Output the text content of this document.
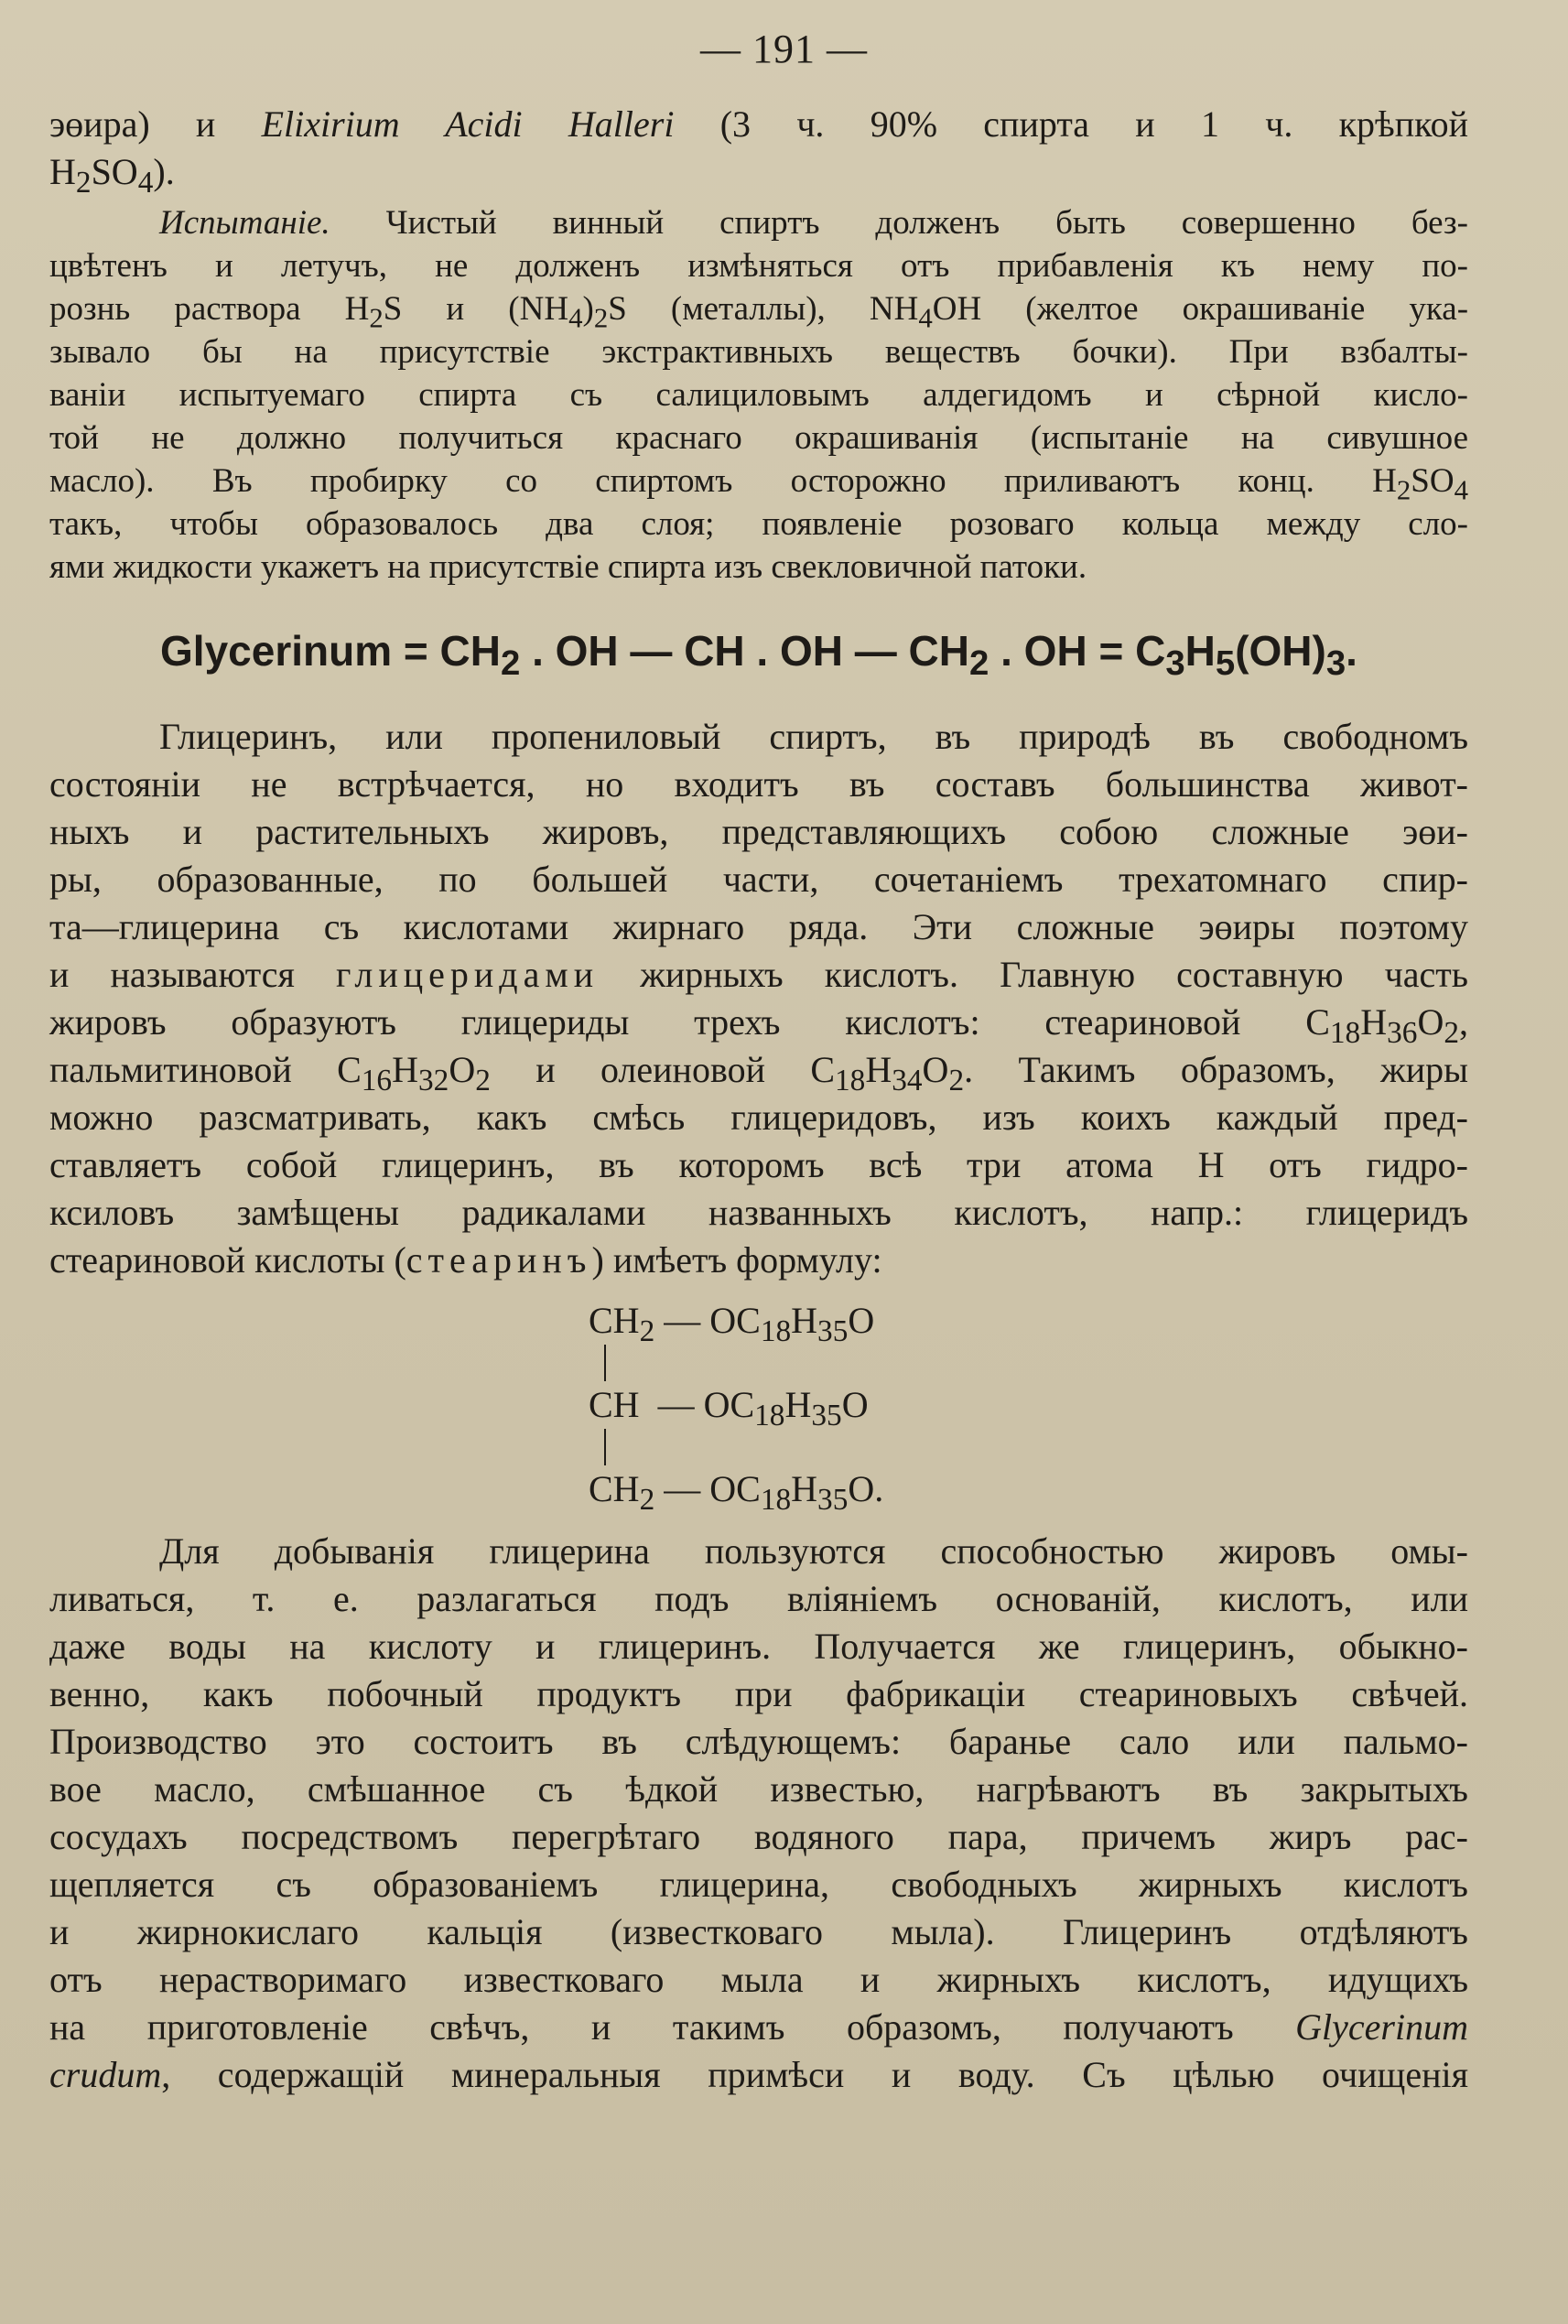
— 191 —
эөира) и Elixirium Acidi Halleri (3 ч. 90% спирта и 1 ч. крѣпкой
$H_2SO_4$).
Испытаніе. Чистый винный спиртъ долженъ быть совершенно без-
цвѣтенъ и летучъ, не долженъ измѣняться отъ прибавленія къ нему по-
рознь раствора $H_2S$ и $(NH_4)_2S$ (металлы), $NH_4OH$ (желтое окрашиваніе ука-
зывало бы на присутствіе экстрактивныхъ веществъ бочки). При взбалты-
ваніи испытуемаго спирта съ салициловымъ алдегидомъ и сѣрной кисло-
той не должно получиться краснаго окрашиванія (испытаніе на сивушное
масло). Въ пробирку со спиртомъ осторожно приливаютъ конц. $H_2SO_4$
такъ, чтобы образовалось два слоя; появленіе розоваго кольца между сло-
ями жидкости укажетъ на присутствіе спирта изъ свекловичной патоки.
Glycerinum = $CH_2$ . OH — CH . OH — $CH_2$ . OH = $C_3H_5(OH)_3$.
Глицеринъ, или пропениловый спиртъ, въ природѣ въ свободномъ
состояніи не встрѣчается, но входитъ въ составъ большинства живот-
ныхъ и растительныхъ жировъ, представляющихъ собою сложные эөи-
ры, образованные, по большей части, сочетаніемъ трехатомнаго спир-
та—глицерина съ кислотами жирнаго ряда. Эти сложные эөиры поэтому
и называются глицеридами жирныхъ кислотъ. Главную составную часть
жировъ образуютъ глицериды трехъ кислотъ: стеариновой $C_{18}H_{36}O_2$,
пальмитиновой $C_{16}H_{32}O_2$ и олеиновой $C_{18}H_{34}O_2$. Такимъ образомъ, жиры
можно разсматривать, какъ смѣсь глицеридовъ, изъ коихъ каждый пред-
ставляетъ собой глицеринъ, въ которомъ всѣ три атома H отъ гидро-
ксиловъ замѣщены радикалами названныхъ кислотъ, напр.: глицеридъ
стеариновой кислоты (стеаринъ) имѣетъ формулу:
$CH_2$ — $OC_{18}H_{35}O$
CH  — $OC_{18}H_{35}O$
$CH_2$ — $OC_{18}H_{35}O$.
Для добыванія глицерина пользуются способностью жировъ омы-
ливаться, т. е. разлагаться подъ вліяніемъ основаній, кислотъ, или
даже воды на кислоту и глицеринъ. Получается же глицеринъ, обыкно-
венно, какъ побочный продуктъ при фабрикаціи стеариновыхъ свѣчей.
Производство это состоитъ въ слѣдующемъ: баранье сало или пальмо-
вое масло, смѣшанное съ ѣдкой известью, нагрѣваютъ въ закрытыхъ
сосудахъ посредствомъ перегрѣтаго водяного пара, причемъ жиръ рас-
щепляется съ образованіемъ глицерина, свободныхъ жирныхъ кислотъ
и жирнокислаго кальція (известковаго мыла). Глицеринъ отдѣляютъ
отъ нерастворимаго известковаго мыла и жирныхъ кислотъ, идущихъ
на приготовленіе свѣчъ, и такимъ образомъ, получаютъ Glycerinum
crudum, содержащій минеральныя примѣси и воду. Съ цѣлью очищенія
